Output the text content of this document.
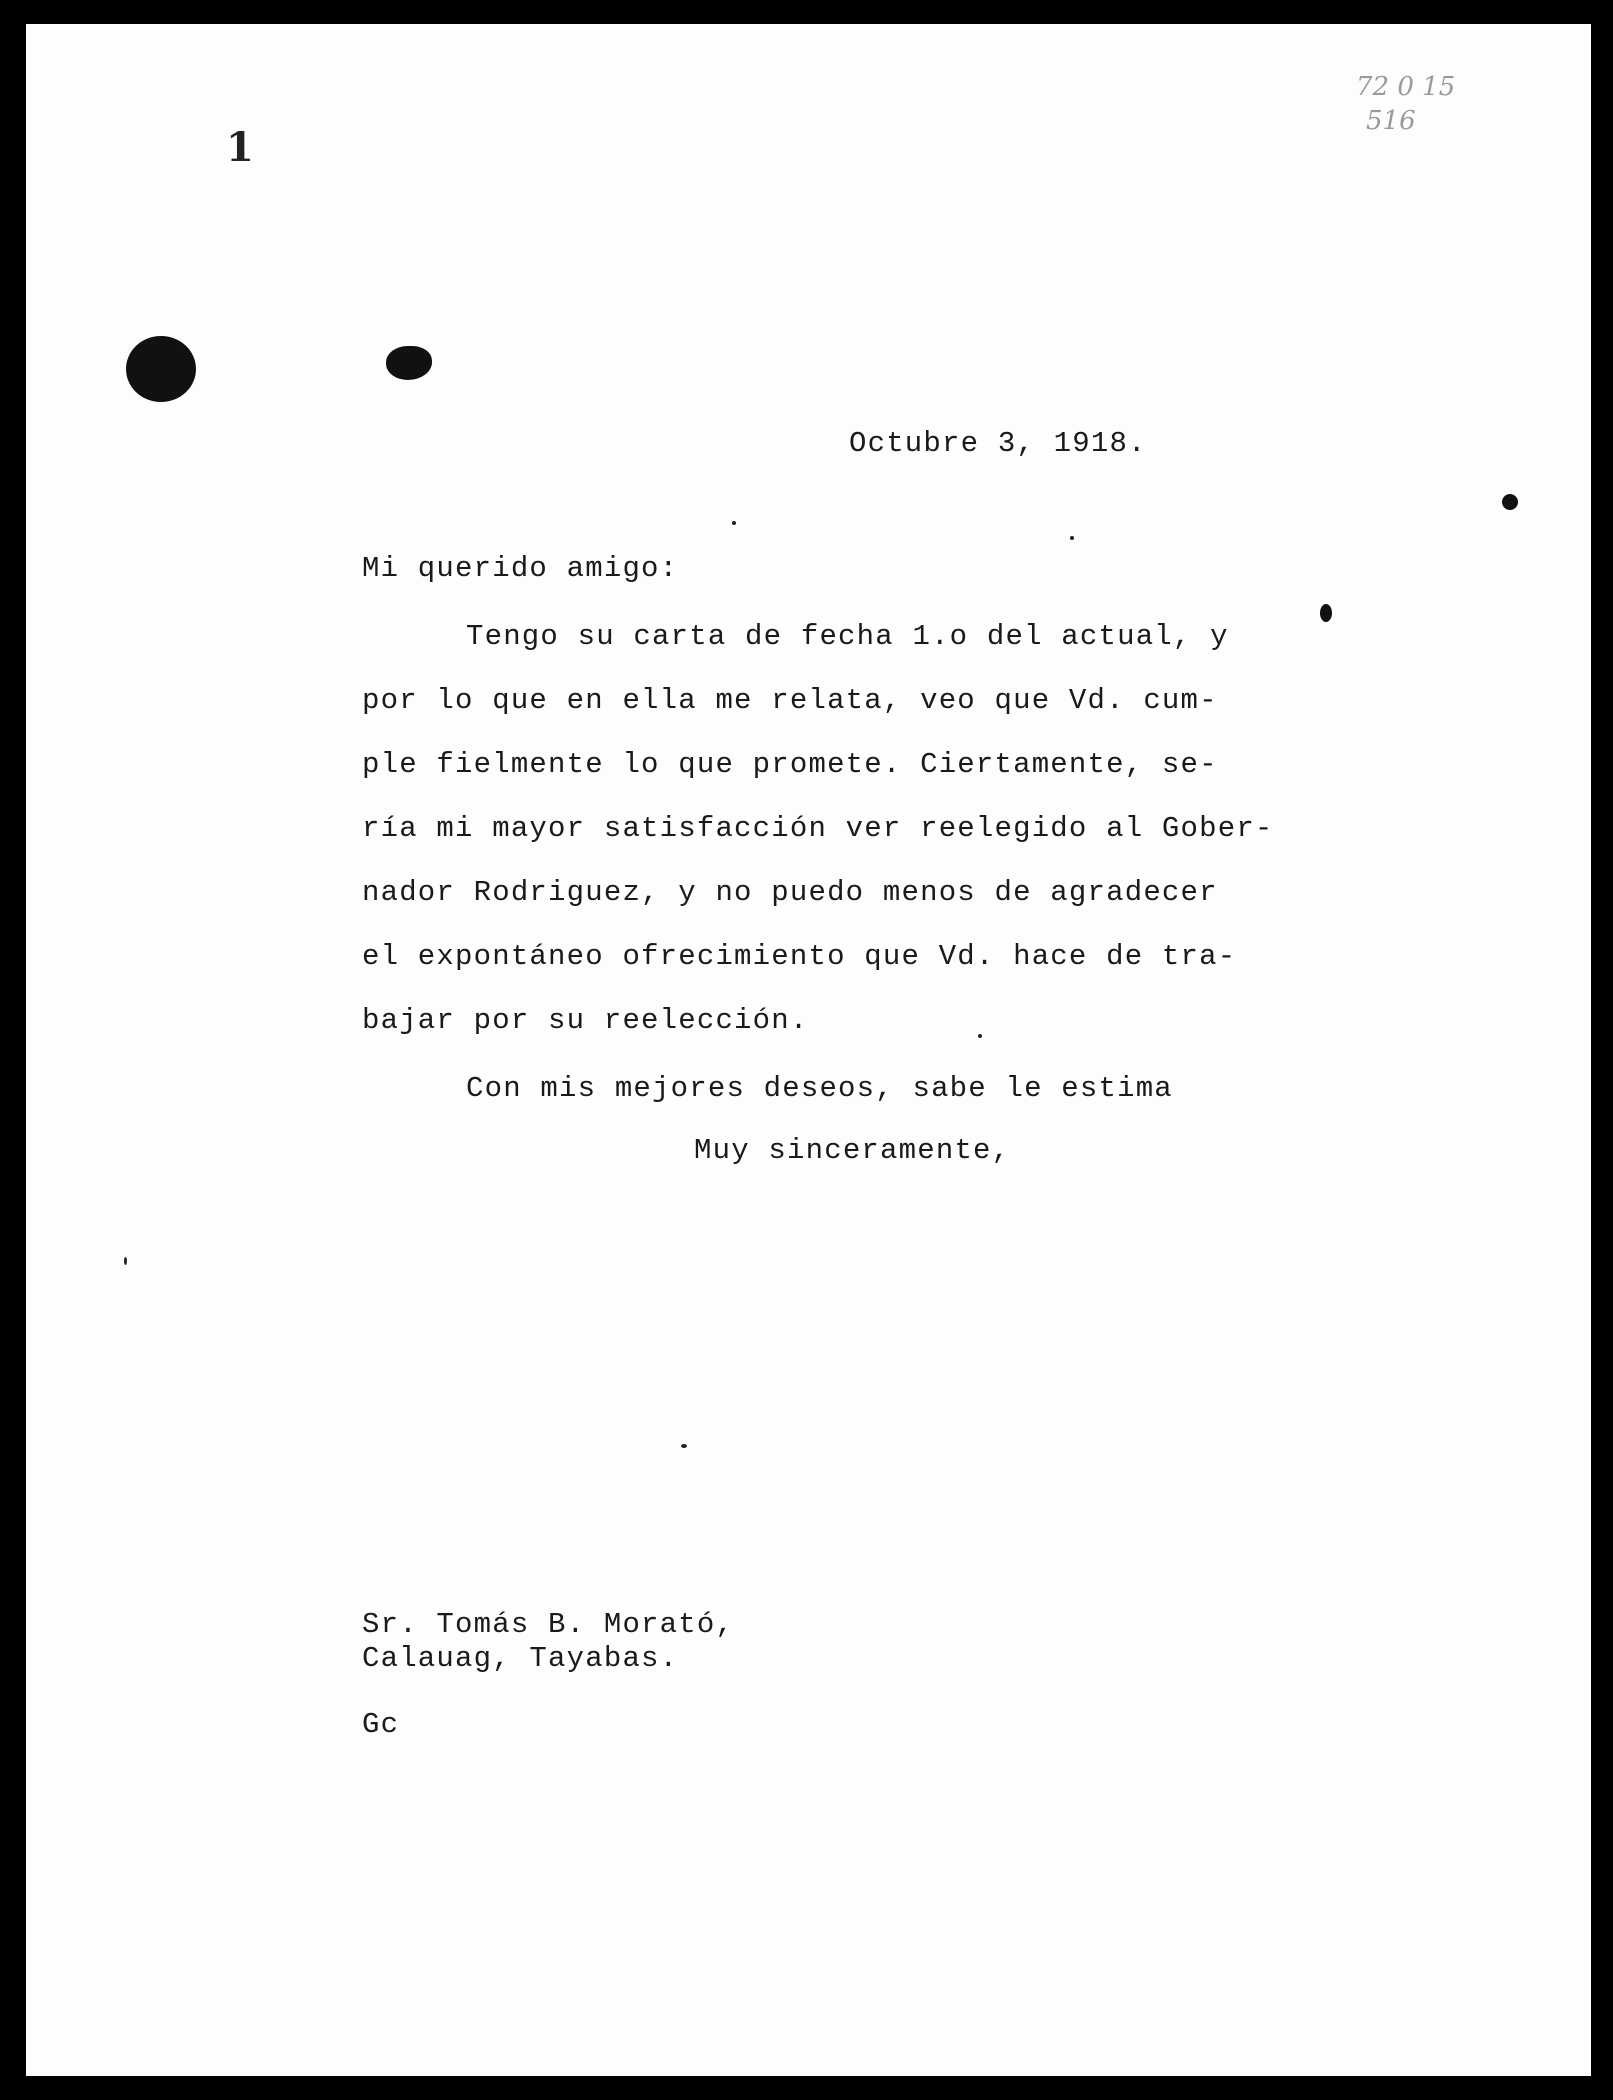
1
72 0 15
516
Octubre 3, 1918.
Mi querido amigo:
Tengo su carta de fecha 1.o del actual, y
por lo que en ella me relata, veo que Vd. cum-
ple fielmente lo que promete. Ciertamente, se-
ría mi mayor satisfacción ver reelegido al Gober-
nador Rodriguez, y no puedo menos de agradecer
el expontáneo ofrecimiento que Vd. hace de tra-
bajar por su reelección.
Con mis mejores deseos, sabe le estima
Muy sinceramente,
Sr. Tomás B. Morató,
Calauag, Tayabas.
Gc
